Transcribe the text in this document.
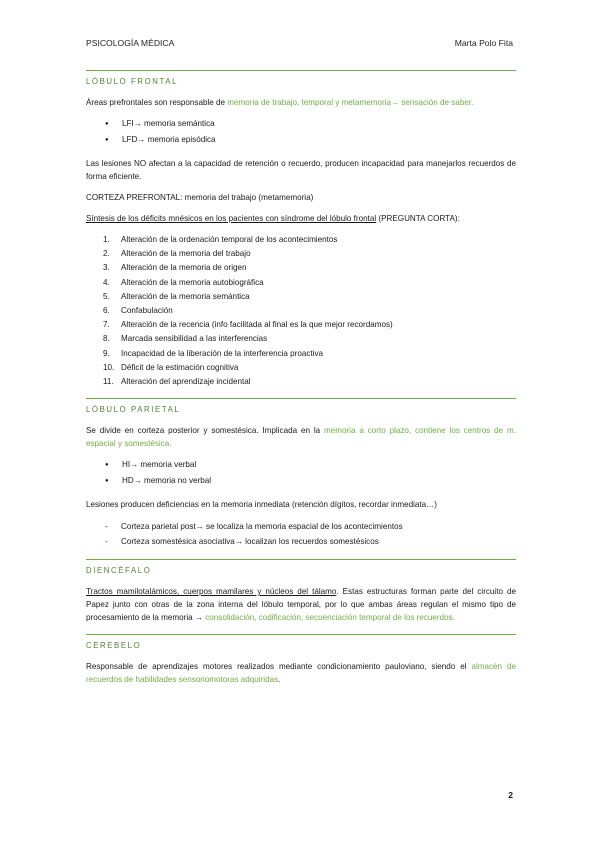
PSICOLOGÍA MÉDICA	Marta Polo Fita
LÓBULO FRONTAL

Áreas prefrontales son responsable de memoria de trabajo, temporal y metamemoria→ sensación de saber.

● LFI→ memoria semántica
● LFD→ memoria episódica

Las lesiones NO afectan a la capacidad de retención o recuerdo, producen incapacidad para manejarlos recuerdos de forma eficiente.

CORTEZA PREFRONTAL: memoria del trabajo (metamemoria)

Síntesis de los déficits mnésicos en los pacientes con síndrome del lóbulo frontal (PREGUNTA CORTA):

1. Alteración de la ordenación temporal de los acontecimientos
2. Alteración de la memoria del trabajo
3. Alteración de la memoria de origen
4. Alteración de la memoria autobiográfica
5. Alteración de la memoria semántica
6. Confabulación
7. Alteración de la recencia (info facilitada al final es la que mejor recordamos)
8. Marcada sensibilidad a las interferencias
9. Incapacidad de la liberación de la interferencia proactiva
10. Déficit de la estimación cognitiva
11. Alteración del aprendizaje incidental
LÓBULO PARIETAL

Se divide en corteza posterior y somestésica. Implicada en la memoria a corto plazo, contiene los centros de m. espacial y somestésica.

● HI→ memoria verbal
● HD→ memoria no verbal

Lesiones producen deficiencias en la memoria inmediata (retención dígitos, recordar inmediata…)

- Corteza parietal post→ se localiza la memoria espacial de los acontecimientos
- Corteza somestésica asociativa→ localizan los recuerdos somestésicos
DIENCÉFALO

Tractos mamilotalámicos, cuerpos mamilares y núcleos del tálamo. Estas estructuras forman parte del circuito de Papez junto con otras de la zona interna del lóbulo temporal, por lo que ambas áreas regulan el mismo tipo de procesamiento de la memoria → consolidación, codificación, secuenciación temporal de los recuerdos.

CEREBELO

Responsable de aprendizajes motores realizados mediante condicionamiento pauloviano, siendo el almacén de recuerdos de habilidades sensoriomotoras adquiridas.

2
